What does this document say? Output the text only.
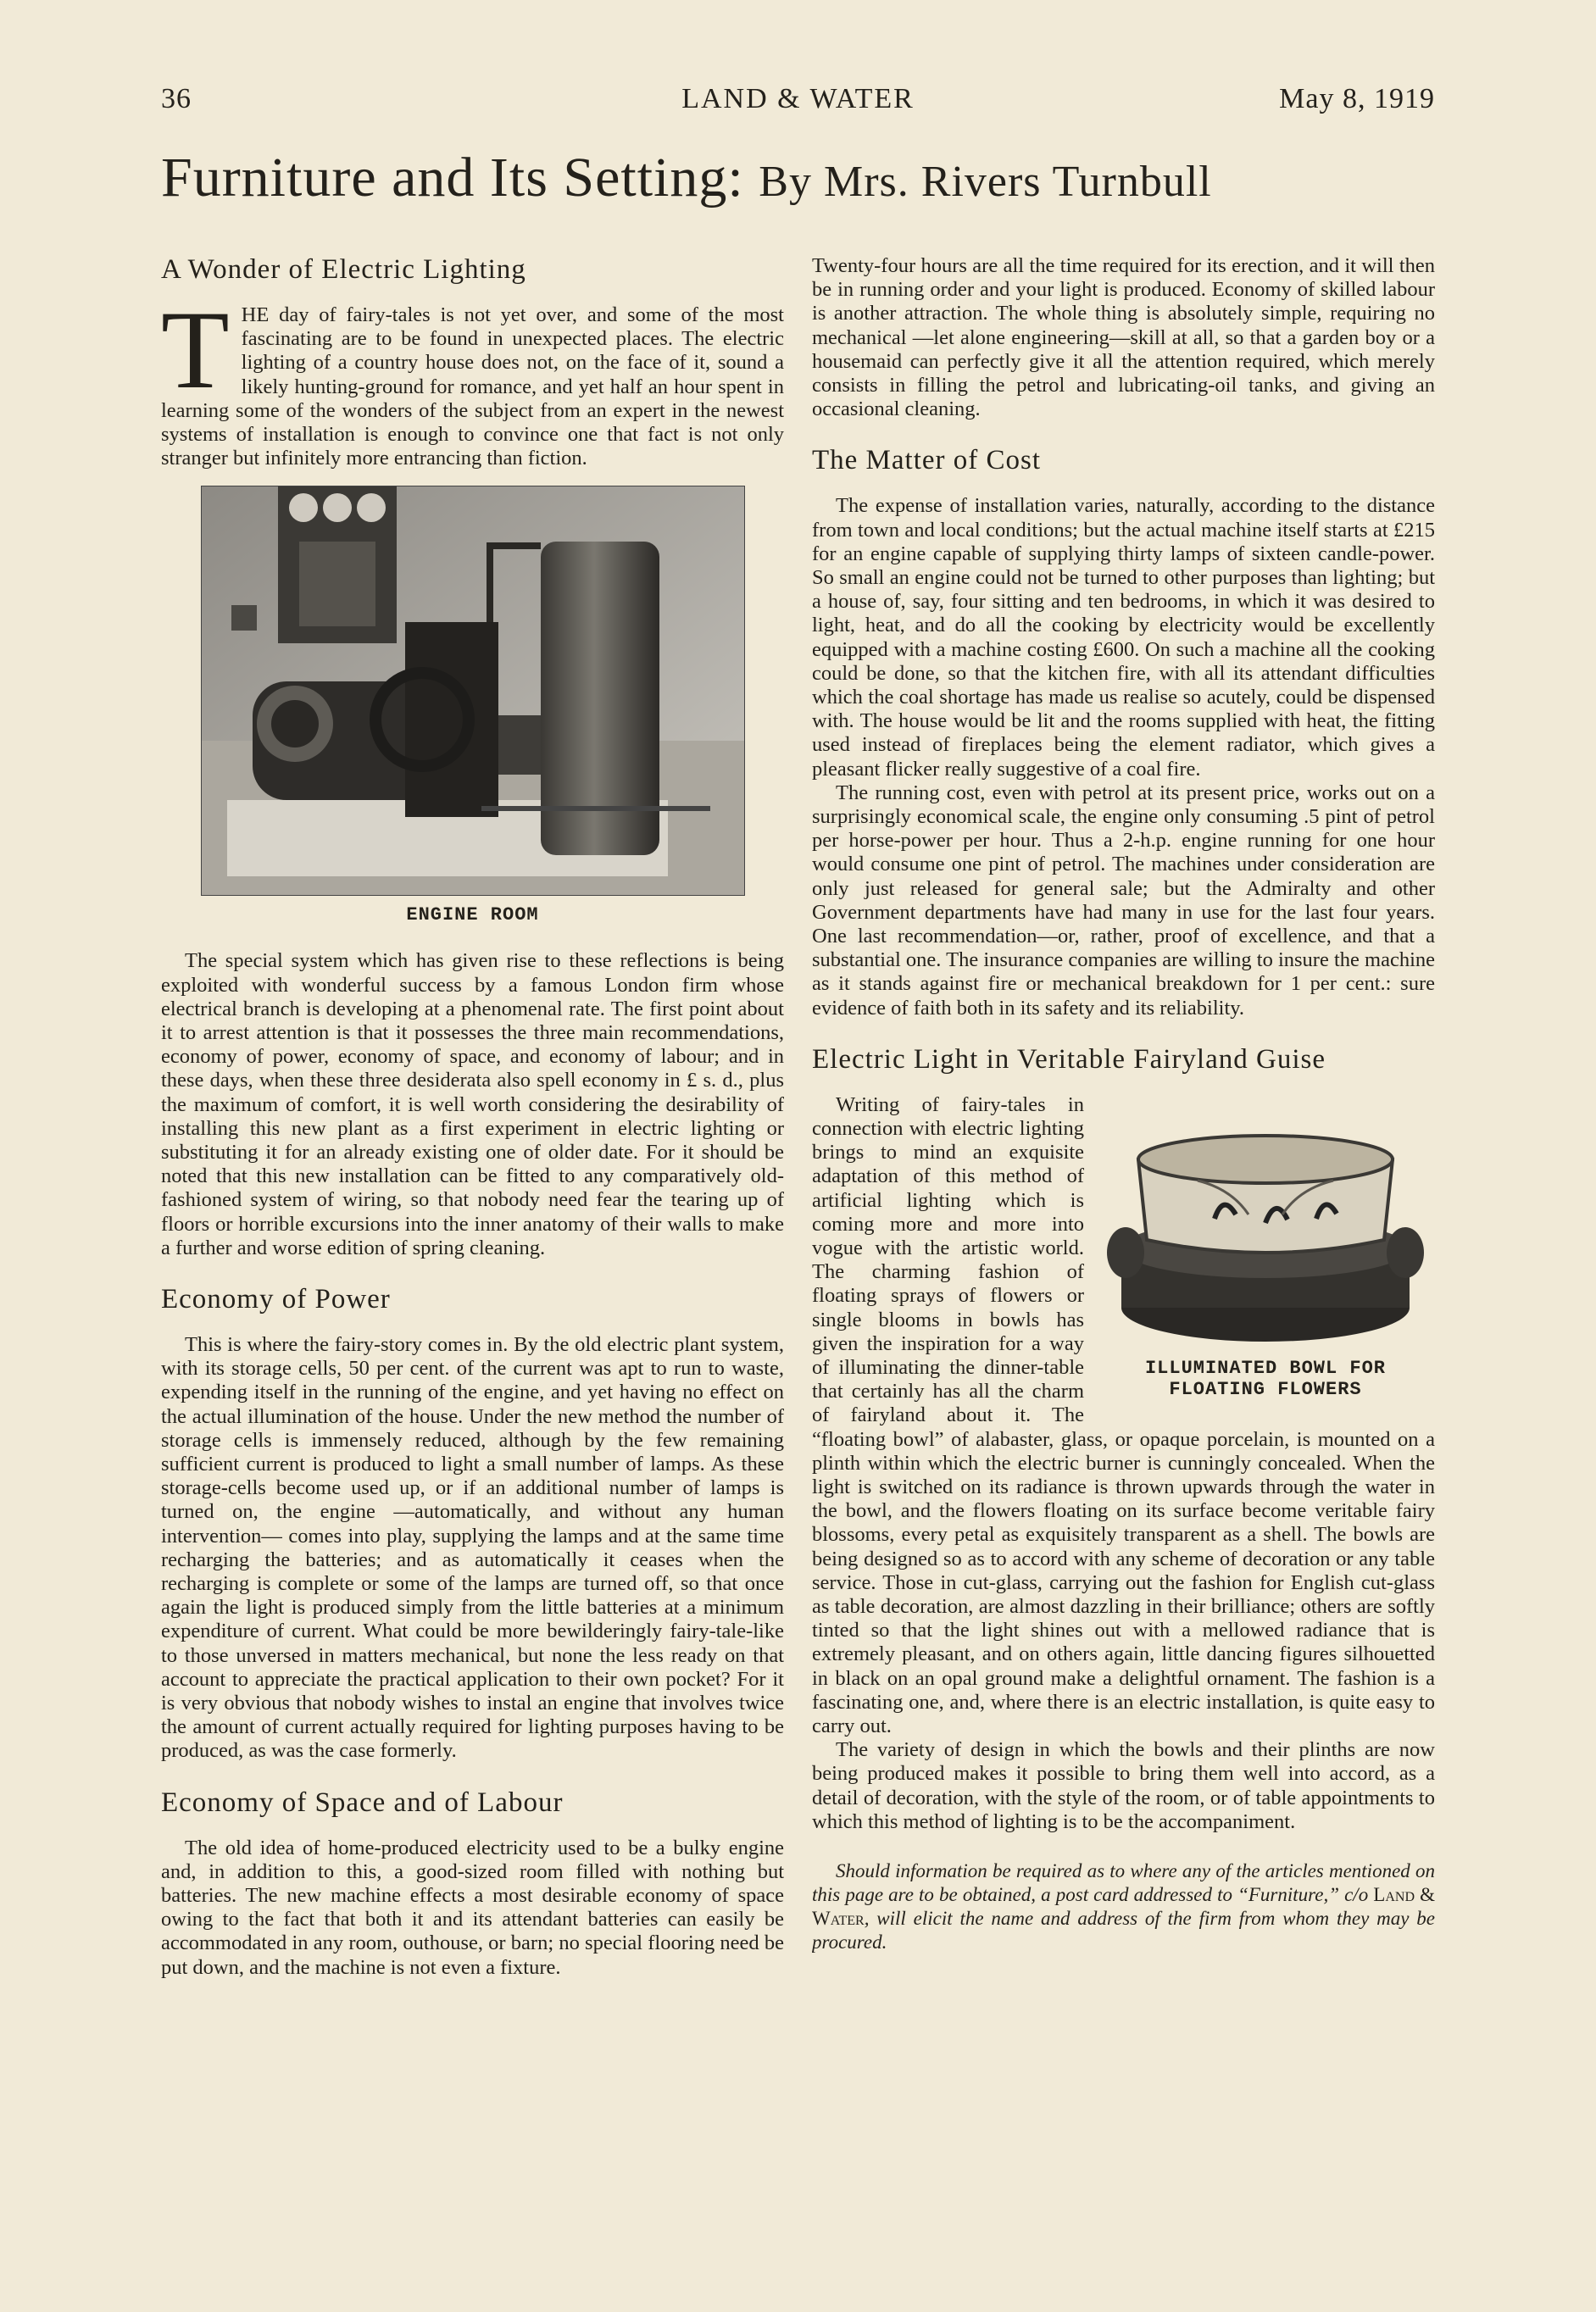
36	LAND & WATER	May 8, 1919
Furniture and Its Setting: By Mrs. Rivers Turnbull
A Wonder of Electric Lighting

THE day of fairy-tales is not yet over, and some of the most fascinating are to be found in unexpected places. The electric lighting of a country house does not, on the face of it, sound a likely hunting-ground for romance, and yet half an hour spent in learning some of the wonders of the subject from an expert in the newest systems of installation is enough to convince one that fact is not only stranger but infinitely more entrancing than fiction.

ENGINE ROOM

The special system which has given rise to these reflections is being exploited with wonderful success by a famous London firm whose electrical branch is developing at a phenomenal rate. The first point about it to arrest attention is that it possesses the three main recommendations, economy of power, economy of space, and economy of labour; and in these days, when these three desiderata also spell economy in £ s. d., plus the maximum of comfort, it is well worth considering the desirability of installing this new plant as a first experiment in electric lighting or substituting it for an already existing one of older date. For it should be noted that this new installation can be fitted to any comparatively old-fashioned system of wiring, so that nobody need fear the tearing up of floors or horrible excursions into the inner anatomy of their walls to make a further and worse edition of spring cleaning.

Economy of Power

This is where the fairy-story comes in. By the old electric plant system, with its storage cells, 50 per cent. of the current was apt to run to waste, expending itself in the running of the engine, and yet having no effect on the actual illumination of the house. Under the new method the number of storage cells is immensely reduced, although by the few remaining sufficient current is produced to light a small number of lamps. As these storage-cells become used up, or if an additional number of lamps is turned on, the engine —automatically, and without any human intervention— comes into play, supplying the lamps and at the same time recharging the batteries; and as automatically it ceases when the recharging is complete or some of the lamps are turned off, so that once again the light is produced simply from the little batteries at a minimum expenditure of current. What could be more bewilderingly fairy-tale-like to those unversed in matters mechanical, but none the less ready on that account to appreciate the practical application to their own pocket? For it is very obvious that nobody wishes to instal an engine that involves twice the amount of current actually required for lighting purposes having to be produced, as was the case formerly.

Economy of Space and of Labour

The old idea of home-produced electricity used to be a bulky engine and, in addition to this, a good-sized room filled with nothing but batteries. The new machine effects a most desirable economy of space owing to the fact that both it and its attendant batteries can easily be accommodated in any room, outhouse, or barn; no special flooring need be put down, and the machine is not even a fixture.

Twenty-four hours are all the time required for its erection, and it will then be in running order and your light is produced. Economy of skilled labour is another attraction. The whole thing is absolutely simple, requiring no mechanical —let alone engineering—skill at all, so that a garden boy or a housemaid can perfectly give it all the attention required, which merely consists in filling the petrol and lubricating-oil tanks, and giving an occasional cleaning.

The Matter of Cost

The expense of installation varies, naturally, according to the distance from town and local conditions; but the actual machine itself starts at £215 for an engine capable of supplying thirty lamps of sixteen candle-power. So small an engine could not be turned to other purposes than lighting; but a house of, say, four sitting and ten bedrooms, in which it was desired to light, heat, and do all the cooking by electricity would be excellently equipped with a machine costing £600. On such a machine all the cooking could be done, so that the kitchen fire, with all its attendant difficulties which the coal shortage has made us realise so acutely, could be dispensed with. The house would be lit and the rooms supplied with heat, the fitting used instead of fireplaces being the element radiator, which gives a pleasant flicker really suggestive of a coal fire.

The running cost, even with petrol at its present price, works out on a surprisingly economical scale, the engine only consuming .5 pint of petrol per horse-power per hour. Thus a 2-h.p. engine running for one hour would consume one pint of petrol. The machines under consideration are only just released for general sale; but the Admiralty and other Government departments have had many in use for the last four years. One last recommendation—or, rather, proof of excellence, and that a substantial one. The insurance companies are willing to insure the machine as it stands against fire or mechanical breakdown for 1 per cent.: sure evidence of faith both in its safety and its reliability.

Electric Light in Veritable Fairyland Guise
ILLUMINATED BOWL FOR
FLOATING FLOWERS

Writing of fairy-tales in connection with electric lighting brings to mind an exquisite adaptation of this method of artificial lighting which is coming more and more into vogue with the artistic world. The charming fashion of floating sprays of flowers or single blooms in bowls has given the inspiration for a way of illuminating the dinner-table that certainly has all the charm of fairyland about it. The “floating bowl” of alabaster, glass, or opaque porcelain, is mounted on a plinth within which the electric burner is cunningly concealed. When the light is switched on its radiance is thrown upwards through the water in the bowl, and the flowers floating on its surface become veritable fairy blossoms, every petal as exquisitely transparent as a shell. The bowls are being designed so as to accord with any scheme of decoration or any table service. Those in cut-glass, carrying out the fashion for English cut-glass as table decoration, are almost dazzling in their brilliance; others are softly tinted so that the light shines out with a mellowed radiance that is extremely pleasant, and on others again, little dancing figures silhouetted in black on an opal ground make a delightful ornament. The fashion is a fascinating one, and, where there is an electric installation, is quite easy to carry out.

The variety of design in which the bowls and their plinths are now being produced makes it possible to bring them well into accord, as a detail of decoration, with the style of the room, or of table appointments to which this method of lighting is to be the accompaniment.

Should information be required as to where any of the articles mentioned on this page are to be obtained, a post card addressed to “Furniture,” c/o Land & Water, will elicit the name and address of the firm from whom they may be procured.
